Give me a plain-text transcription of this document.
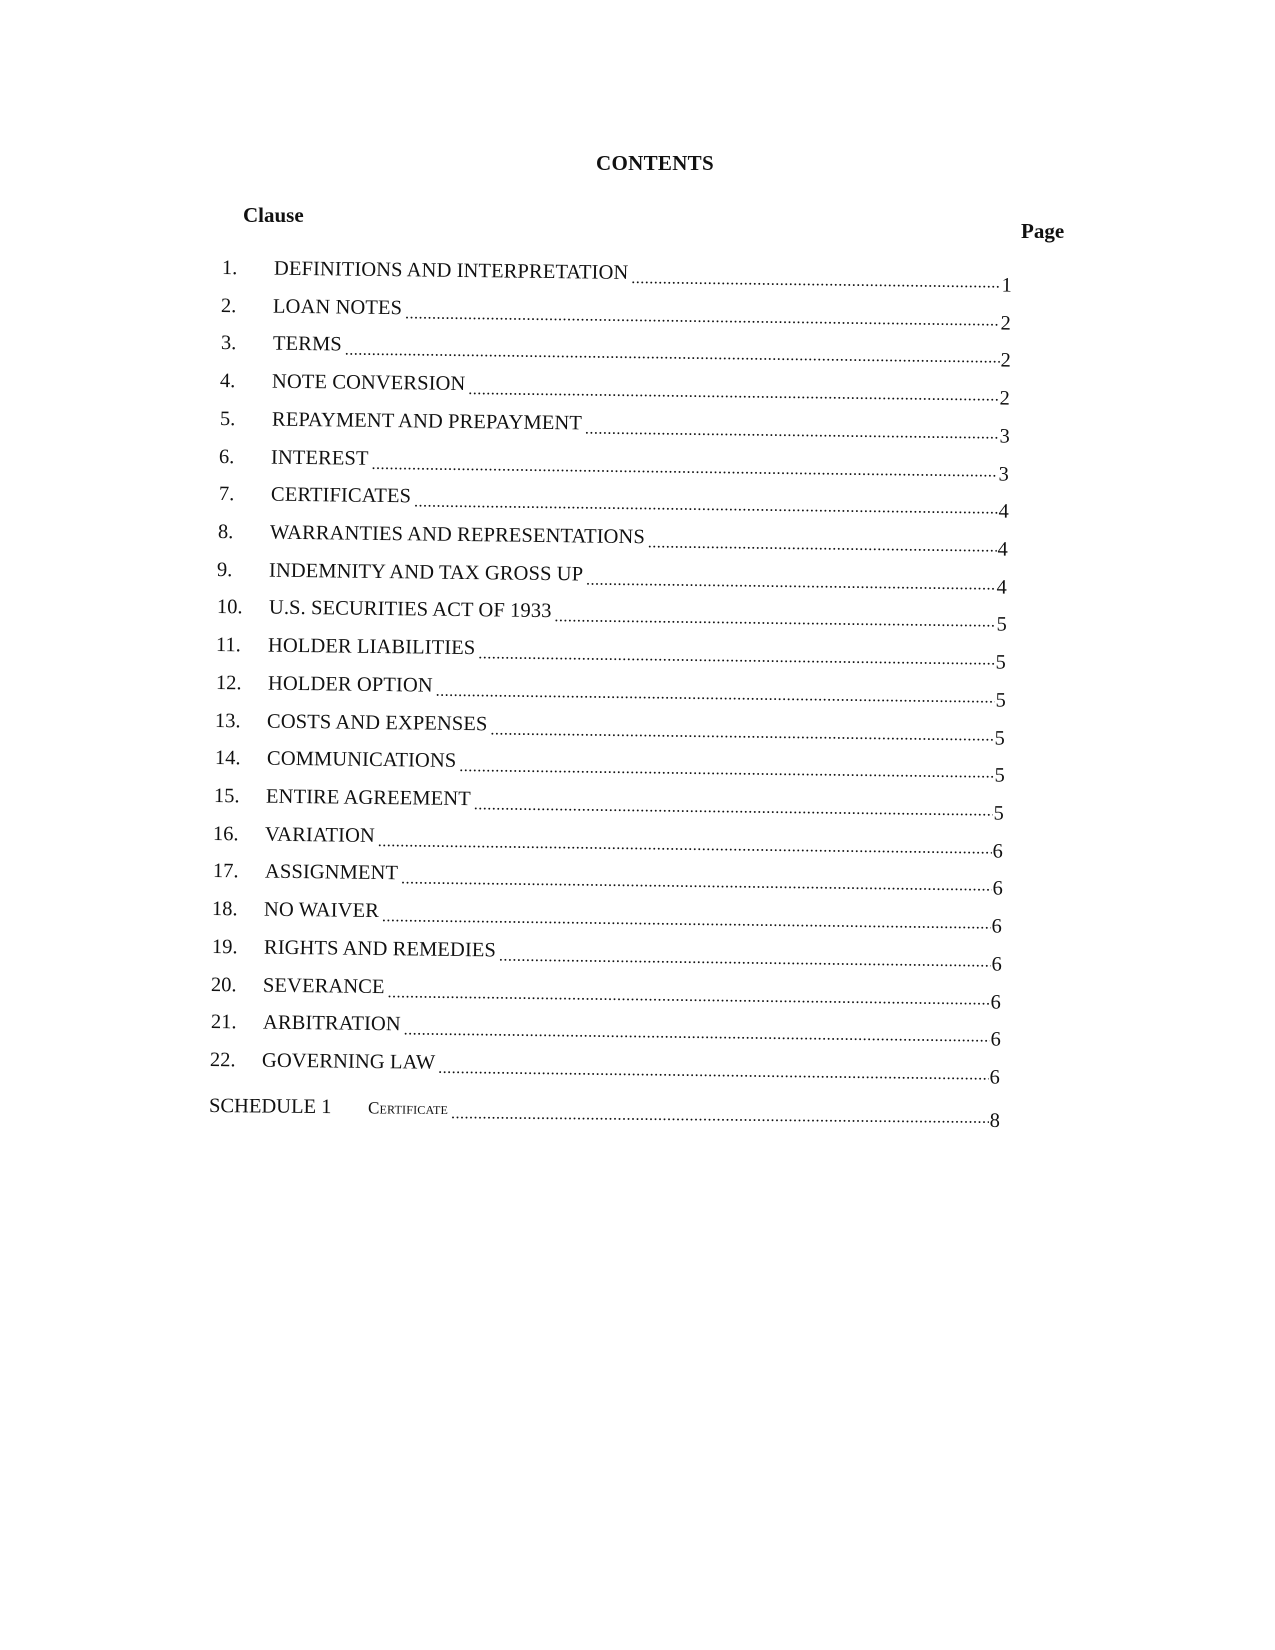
CONTENTS
Clause
Page
1. DEFINITIONS AND INTERPRETATION
.....
1
2. LOAN NOTES
.....
2
3. TERMS
.....
2
4. NOTE CONVERSION
.....
2
5. REPAYMENT AND PREPAYMENT
.....
3
6. INTEREST
.....
3
7. CERTIFICATES
.....
4
8. WARRANTIES AND REPRESENTATIONS
.....
4
9. INDEMNITY AND TAX GROSS UP
.....
4
10. U.S. SECURITIES ACT OF 1933
.....
5
11. HOLDER LIABILITIES
.....
5
12. HOLDER OPTION
.....
5
13. COSTS AND EXPENSES
.....
5
14. COMMUNICATIONS
.....
5
15. ENTIRE AGREEMENT
.....
5
16. VARIATION
.....
6
17. ASSIGNMENT
.....
6
18. NO WAIVER
.....
6
19. RIGHTS AND REMEDIES
.....
6
20. SEVERANCE
.....
6
21. ARBITRATION
.....
6
22. GOVERNING LAW
.....
6
SCHEDULE 1 Certificate
.....
8
